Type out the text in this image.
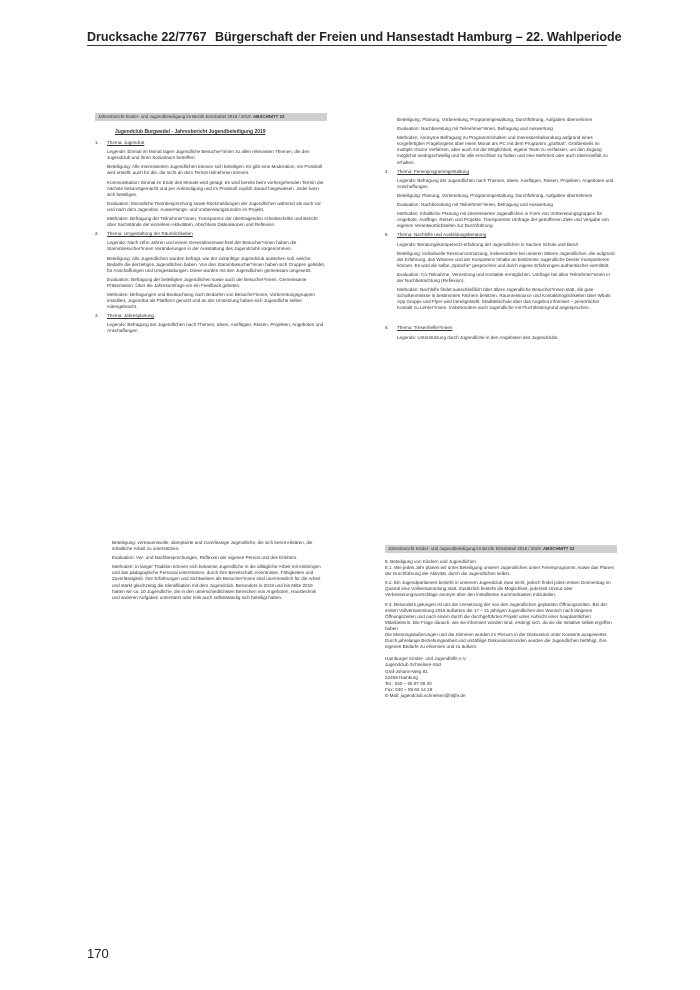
Drucksache 22/7767 Bürgerschaft der Freien und Hansestadt Hamburg – 22. Wahlperiode
Jahresbericht Kinder- und Jugendbeteiligung im Bezirk Eimsbüttel 2018 / 2019: ABSCHNITT 22
Jugendclub Burgwedel - Jahresbericht Jugendbeteiligung 2019

1. Thema: Jugendrat

Legende: Einmal im Monat tagen Jugendliche Besucher*innen zu allen relevanten Themen, die den Jugendclub und ihren Sozialraum betreffen.

Beteiligung: Alle interessierten Jugendlichen können sich beteiligen. Es gibt eine Moderation, ein Protokoll wird erstellt, auch für die, die nicht an dem Termin teilnehmen können.

Kommunikation: Einmal im Ende des Monats wird getagt. Es wird bereits beim vorhergehenden Termin der nächste bekanntgemacht und per Ankündigung und im Protokoll explizit darauf hingewiesen. Jeder kann sich beteiligen.

Evaluation: Monatliche Teambesprechung sowie Rückmeldungen der Jugendlichen während als auch vor und nach dem Jugendrat. Auswertungs- und Vorbereitungsrunden im Projekt.

Methoden: Befragung der Teilnehmer*innen, Transparenz der übertragenden Arbeitsschritte und Bericht über Sachstände der einzelnen Aktivitäten, Abschluss Diskussionen und Reflexion.

2. Thema: Umgestaltung der Räumlichkeiten

Legende: Nach zehn Jahren und einem Generationenwechsel der Besucher*innen haben die Stammbesucher*innen Veränderungen in der Ausstattung des Jugendclubs vorgenommen.

Beteiligung: Alle Jugendlichen wurden befragt, wie der zukünftige Jugendclub aussehen soll, welche Bedarfe die derzeitigen Jugendlichen haben. Von den Stammbesucher*innen haben sich Gruppen gebildet, für Anschaffungen und Umgestaltungen. Diese wurden mit den Jugendlichen gemeinsam umgesetzt.

Evaluation: Befragung der beteiligten Jugendlichen sowie auch der Besucher*innen. Gemeinsame Präsentation: Über die Jahresumfrage um ein Feedback gebeten.

Methoden: Befragungen und Beobachtung nach Bedarfen von Besucher*innen, Vorbereitungsgruppen installiert, Jugendrat als Plattform genutzt und an der Umsetzung haben sich Jugendliche selber mitengebracht.

3. Thema: Jahresplanung

Legende: Befragung der Jugendlichen nach Themen, Ideen, Ausflügen, Reisen, Projekten, Angeboten und Anschaffungen

Beteiligung: Planung, Vorbereitung, Programmgestaltung, Durchführung, Aufgaben übernehmen

Evaluation: Nachbereitung mit Teilnehmer*innen, Befragung und Auswertung

Methoden: Anonyme Befragung zu Programminhalten und Interessenbekundung aufgrund eines vorgefertigten Fragebogens über einen Monat am PC mit dem Programm „grafstat". Größtenteils im multiple choice Verfahren, aber auch mit der Möglichkeit, eigene Texte zu verfassen, um den Zugang möglichst niedrigschwellig und für alle erreichbar zu halten und eine Mehrheit oder auch Ideenvielfalt zu erhalten.

4. Thema: Ferienprogrammgestaltung

Legende: Befragung der Jugendlichen nach Themen, Ideen, Ausflügen, Reisen, Projekten, Angeboten und Anschaffungen

Beteiligung: Planung, Vorbereitung, Programmgestaltung, Durchführung, Aufgaben übernehmen

Evaluation: Nachbereitung mit Teilnehmer*innen, Befragung und Auswertung

Methoden: Inhaltliche Planung mit interessierten Jugendlichen in Form von Vorbereitungsgruppen für Angebote, Ausflüge, Reisen und Projekte. Transparente Umfrage der getroffenen Ziele und Vergabe von eigenen Verantwortlichkeiten zur Durchführung.

5. Thema: Nachhilfe und Ausbildungsberatung

Legende: Beratungskompetenz/-erfahrung der Jugendlichen in Sachen Schule und Beruf

Beteiligung: Individuelle Ressourcennutzung, insbesondere bei unseren älteren Jugendlichen, die aufgrund der Erfahrung, des Wissens und der Kompetenz Inhalte an bestimmte Jugendliche besser transportieren können. Es wird die selbe „Sprache" gesprochen und durch eigene Erfahrungen authentischer vermittelt.

Evaluation: Co-Teilnahme, Vernetzung und Kontakte ermöglichen. Umfrage bei allen Teilnehmer*innen in der Nachbetrachtung (Reflexion).

Methoden: Nachhilfe findet ausschließlich über ältere Jugendliche Besucher*innen statt, die gute Schulkenntnisse in bestimmten Fächern besitzen. Raumressource und Kontaktmöglichkeiten über Whats App Gruppe und Flyer wird bereitgestellt. Stadtteilschule über das Angebot informiert – persönlicher Kontakt zu Lehrer*innen. Insbesondere auch Jugendliche mit Fluchthintergrund angesprochen.

6. Thema: Tresenhelfer*innen

Legende: Unterstützung durch Jugendliche in den Angeboten des Jugendclubs.

Beteiligung: vertrauensvolle, akzeptierte und zuverlässige Jugendliche, die sich bereit erklären, die inhaltliche Arbeit zu unterstützen.

Evaluation: Vor- und Nachbesprechungen, Reflexion der eigenen Person und des Erlebten.

Methoden: In langer Tradition können sich bekannte Jugendliche in die alltägliche Arbeit mit einbringen und das pädagogische Personal unterstützen, durch ihre Bereitschaft, Kenntnisse, Fähigkeiten und Zuverlässigkeit. Ihre Erfahrungen und Sichtweisen als Besucher*innen sind unermesslich für die Arbeit und stärkt gleichzeitig die Identifikation mit dem Jugendclub. Besonders in 2018 und bis Mitte 2019 hatten wir ca. 10 Jugendliche, die in den unterschiedlichsten Bereichen von Angeboten, Haustechnik und anderen Aufgaben unterstützt oder teils auch selbstständig sich beteiligt haben.

Jahresbericht Kinder- und Jugendbeteiligung im Bezirk Eimsbüttel 2018 / 2019: ABSCHNITT 23

9. Beteiligung von Kindern und Jugendlichen

9.1. Wie jedes Jahr planen wir unter Beteiligung unserer Jugendlichen unser Ferienprogramm, sowie das Planen der Durchführung der Aktivität, durch die Jugendlichen selbst.

9.2. Ein Jugendparlament besteht in unserem Jugendclub zwar nicht, jedoch findet jeden ersten Donnerstag im Quartal eine Vollversammlung statt. Zusätzlich besteht die Möglichkeit, jederzeit Unmut oder Verbesserungsvorschläge anonym über den installierten Kummerkasten mitzuteilen.

9.3. Besonders gelungen ist uns die Umsetzung der von den Jugendlichen geplanten Öffnungszeiten. Bei der ersten Vollversammlung 2018 äußerten die 17 – 21 jährigen Jugendlichen den Wunsch nach längeren Öffnungszeiten und nach einem durch die durchgeführten Projekt unter Aufsicht einer hauptamtlichen Mitarbeiterin. Die Frage danach, wie sie informiert worden sind, erübrigt sich, da sie die Initiative selbst ergriffen haben.

Die Meinungsäußerungen und die Stimmen wurden im Plenum in der Diskussion unter Konsens ausgewertet.

Durch jahrelange Beziehungsarbeit und unzählige Diskussionsrunden wurden die Jugendlichen befähigt, ihre eigenen Bedarfe zu erkennen und zu äußern.

Hamburger Kinder- und Jugendhilfe e.V.
Jugendclub Schnelsen-Süd
Graf-Johann-Weg 81
22459 Hamburg
Tel.: 040 – 55 97 09 20
Fax: 040 – 55 62 14 19
E-Mail: jugendclub.schnelsen@hkjfe.de
170
